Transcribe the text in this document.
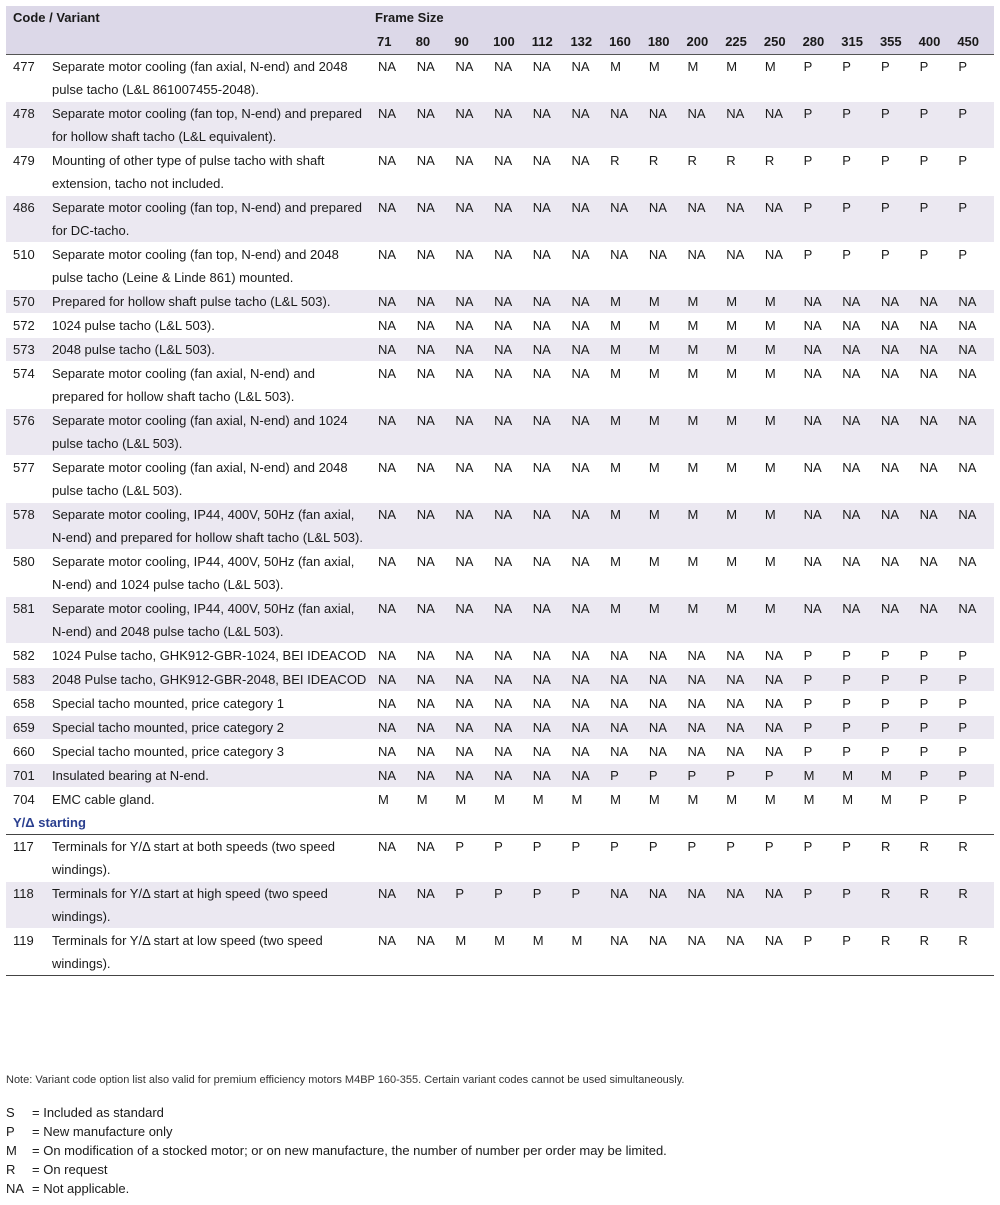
Code / Variant		Frame Size															
		71	80	90	100	112	132	160	180	200	225	250	280	315	355	400	450
477	Separate motor cooling (fan axial, N-end) and 2048 pulse tacho (L&L 861007455-2048).	NA	NA	NA	NA	NA	NA	M	M	M	M	M	P	P	P	P	P
478	Separate motor cooling (fan top, N-end) and prepared for hollow shaft tacho (L&L equivalent).	NA	NA	NA	NA	NA	NA	NA	NA	NA	NA	NA	P	P	P	P	P
479	Mounting of other type of pulse tacho with shaft extension, tacho not included.	NA	NA	NA	NA	NA	NA	R	R	R	R	R	P	P	P	P	P
486	Separate motor cooling (fan top, N-end) and prepared for DC-tacho.	NA	NA	NA	NA	NA	NA	NA	NA	NA	NA	NA	P	P	P	P	P
510	Separate motor cooling (fan top, N-end) and 2048 pulse tacho (Leine & Linde 861) mounted.	NA	NA	NA	NA	NA	NA	NA	NA	NA	NA	NA	P	P	P	P	P
570	Prepared for hollow shaft pulse tacho (L&L 503).	NA	NA	NA	NA	NA	NA	M	M	M	M	M	NA	NA	NA	NA	NA
572	1024 pulse tacho (L&L 503).	NA	NA	NA	NA	NA	NA	M	M	M	M	M	NA	NA	NA	NA	NA
573	2048 pulse tacho (L&L 503).	NA	NA	NA	NA	NA	NA	M	M	M	M	M	NA	NA	NA	NA	NA
574	Separate motor cooling (fan axial, N-end) and prepared for hollow shaft tacho (L&L 503).	NA	NA	NA	NA	NA	NA	M	M	M	M	M	NA	NA	NA	NA	NA
576	Separate motor cooling (fan axial, N-end) and 1024 pulse tacho (L&L 503).	NA	NA	NA	NA	NA	NA	M	M	M	M	M	NA	NA	NA	NA	NA
577	Separate motor cooling (fan axial, N-end) and 2048 pulse tacho (L&L 503).	NA	NA	NA	NA	NA	NA	M	M	M	M	M	NA	NA	NA	NA	NA
578	Separate motor cooling, IP44, 400V, 50Hz (fan axial, N-end) and prepared for hollow shaft tacho (L&L 503).	NA	NA	NA	NA	NA	NA	M	M	M	M	M	NA	NA	NA	NA	NA
580	Separate motor cooling, IP44, 400V, 50Hz (fan axial, N-end) and 1024 pulse tacho (L&L 503).	NA	NA	NA	NA	NA	NA	M	M	M	M	M	NA	NA	NA	NA	NA
581	Separate motor cooling, IP44, 400V, 50Hz (fan axial, N-end) and 2048 pulse tacho (L&L 503).	NA	NA	NA	NA	NA	NA	M	M	M	M	M	NA	NA	NA	NA	NA
582	1024 Pulse tacho, GHK912-GBR-1024, BEI IDEACOD	NA	NA	NA	NA	NA	NA	NA	NA	NA	NA	NA	P	P	P	P	P
583	2048 Pulse tacho, GHK912-GBR-2048, BEI IDEACOD	NA	NA	NA	NA	NA	NA	NA	NA	NA	NA	NA	P	P	P	P	P
658	Special tacho mounted, price category 1	NA	NA	NA	NA	NA	NA	NA	NA	NA	NA	NA	P	P	P	P	P
659	Special tacho mounted, price category 2	NA	NA	NA	NA	NA	NA	NA	NA	NA	NA	NA	P	P	P	P	P
660	Special tacho mounted, price category 3	NA	NA	NA	NA	NA	NA	NA	NA	NA	NA	NA	P	P	P	P	P
701	Insulated bearing at N-end.	NA	NA	NA	NA	NA	NA	P	P	P	P	P	M	M	M	P	P
704	EMC cable gland.	M	M	M	M	M	M	M	M	M	M	M	M	M	M	P	P
Y/Δ starting																	
117	Terminals for Y/Δ start at both speeds (two speed windings).	NA	NA	P	P	P	P	P	P	P	P	P	P	P	R	R	R
118	Terminals for Y/Δ start at high speed (two speed windings).	NA	NA	P	P	P	P	NA	NA	NA	NA	NA	P	P	R	R	R
119	Terminals for Y/Δ start at low speed (two speed windings).	NA	NA	M	M	M	M	NA	NA	NA	NA	NA	P	P	R	R	R
Note: Variant code option list also valid for premium efficiency motors M4BP 160-355. Certain variant codes cannot be used simultaneously.
S = Included as standard
P = New manufacture only
M = On modification of a stocked motor; or on new manufacture, the number of number per order may be limited.
R = On request
NA = Not applicable.
